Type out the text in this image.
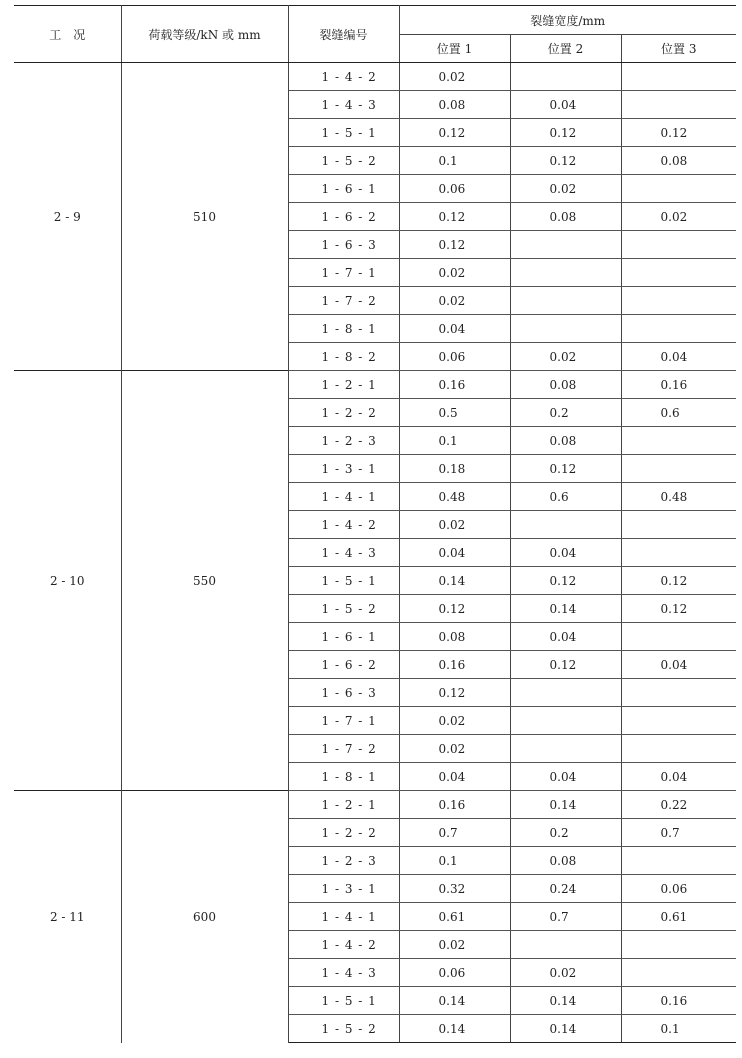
工　况	荷载等级/kN 或 mm	裂缝编号	裂缝宽度/mm		
			位置 1	位置 2	位置 3
2 - 9	510	1 - 4 - 2	0.02		
		1 - 4 - 3	0.08	0.04	
		1 - 5 - 1	0.12	0.12	0.12
		1 - 5 - 2	0.1	0.12	0.08
		1 - 6 - 1	0.06	0.02	
		1 - 6 - 2	0.12	0.08	0.02
		1 - 6 - 3	0.12		
		1 - 7 - 1	0.02		
		1 - 7 - 2	0.02		
		1 - 8 - 1	0.04		
		1 - 8 - 2	0.06	0.02	0.04
2 - 10	550	1 - 2 - 1	0.16	0.08	0.16
		1 - 2 - 2	0.5	0.2	0.6
		1 - 2 - 3	0.1	0.08	
		1 - 3 - 1	0.18	0.12	
		1 - 4 - 1	0.48	0.6	0.48
		1 - 4 - 2	0.02		
		1 - 4 - 3	0.04	0.04	
		1 - 5 - 1	0.14	0.12	0.12
		1 - 5 - 2	0.12	0.14	0.12
		1 - 6 - 1	0.08	0.04	
		1 - 6 - 2	0.16	0.12	0.04
		1 - 6 - 3	0.12		
		1 - 7 - 1	0.02		
		1 - 7 - 2	0.02		
		1 - 8 - 1	0.04	0.04	0.04
2 - 11	600	1 - 2 - 1	0.16	0.14	0.22
		1 - 2 - 2	0.7	0.2	0.7
		1 - 2 - 3	0.1	0.08	
		1 - 3 - 1	0.32	0.24	0.06
		1 - 4 - 1	0.61	0.7	0.61
		1 - 4 - 2	0.02		
		1 - 4 - 3	0.06	0.02	
		1 - 5 - 1	0.14	0.14	0.16
		1 - 5 - 2	0.14	0.14	0.1
